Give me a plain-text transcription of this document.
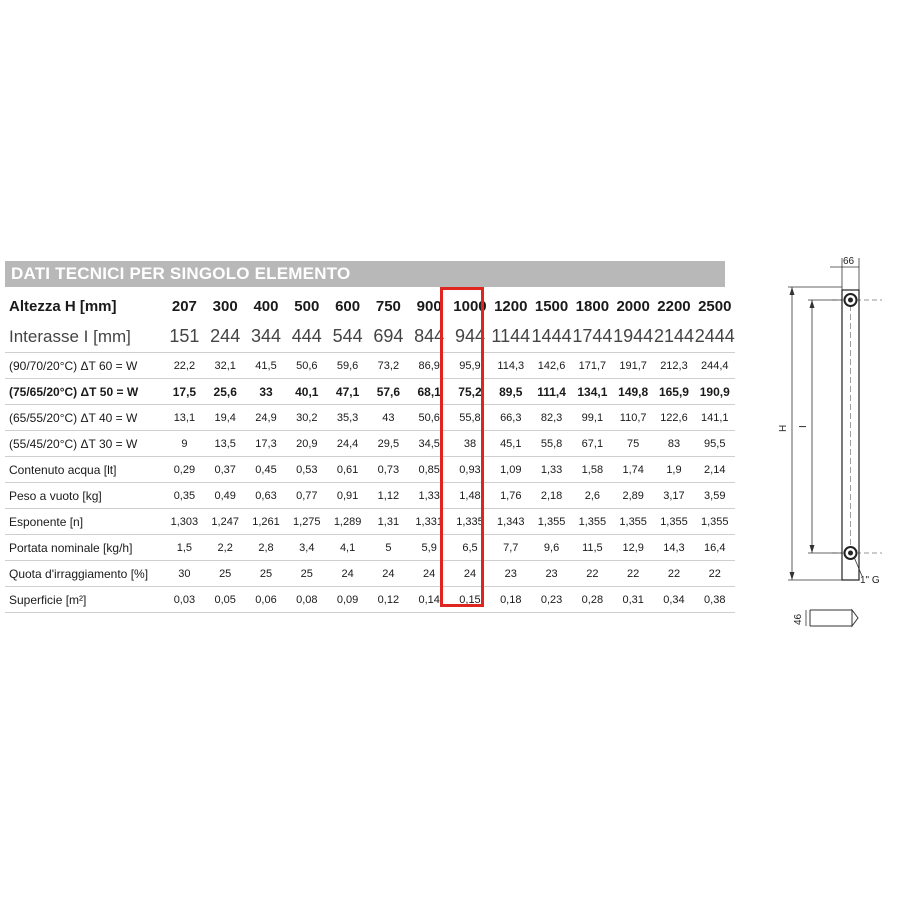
DATI TECNICI PER SINGOLO ELEMENTO
Altezza H [mm]	207	300	400	500	600	750	900	1000	1200	1500	1800	2000	2200	2500
Interasse I [mm]	151	244	344	444	544	694	844	944	1144	1444	1744	1944	2144	2444
(90/70/20°C) ΔT 60 = W	22,2	32,1	41,5	50,6	59,6	73,2	86,9	95,9	114,3	142,6	171,7	191,7	212,3	244,4
(75/65/20°C) ΔT 50 = W	17,5	25,6	33	40,1	47,1	57,6	68,1	75,2	89,5	111,4	134,1	149,8	165,9	190,9
(65/55/20°C) ΔT 40 = W	13,1	19,4	24,9	30,2	35,3	43	50,6	55,8	66,3	82,3	99,1	110,7	122,6	141,1
(55/45/20°C) ΔT 30 = W	9	13,5	17,3	20,9	24,4	29,5	34,5	38	45,1	55,8	67,1	75	83	95,5
Contenuto acqua [lt]	0,29	0,37	0,45	0,53	0,61	0,73	0,85	0,93	1,09	1,33	1,58	1,74	1,9	2,14
Peso a vuoto [kg]	0,35	0,49	0,63	0,77	0,91	1,12	1,33	1,48	1,76	2,18	2,6	2,89	3,17	3,59
Esponente [n]	1,303	1,247	1,261	1,275	1,289	1,31	1,331	1,335	1,343	1,355	1,355	1,355	1,355	1,355
Portata nominale [kg/h]	1,5	2,2	2,8	3,4	4,1	5	5,9	6,5	7,7	9,6	11,5	12,9	14,3	16,4
Quota d'irraggiamento [%]	30	25	25	25	24	24	24	24	23	23	22	22	22	22
Superficie [m²]	0,03	0,05	0,06	0,08	0,09	0,12	0,14	0,15	0,18	0,23	0,28	0,31	0,34	0,38
66
H I
1" G
46
